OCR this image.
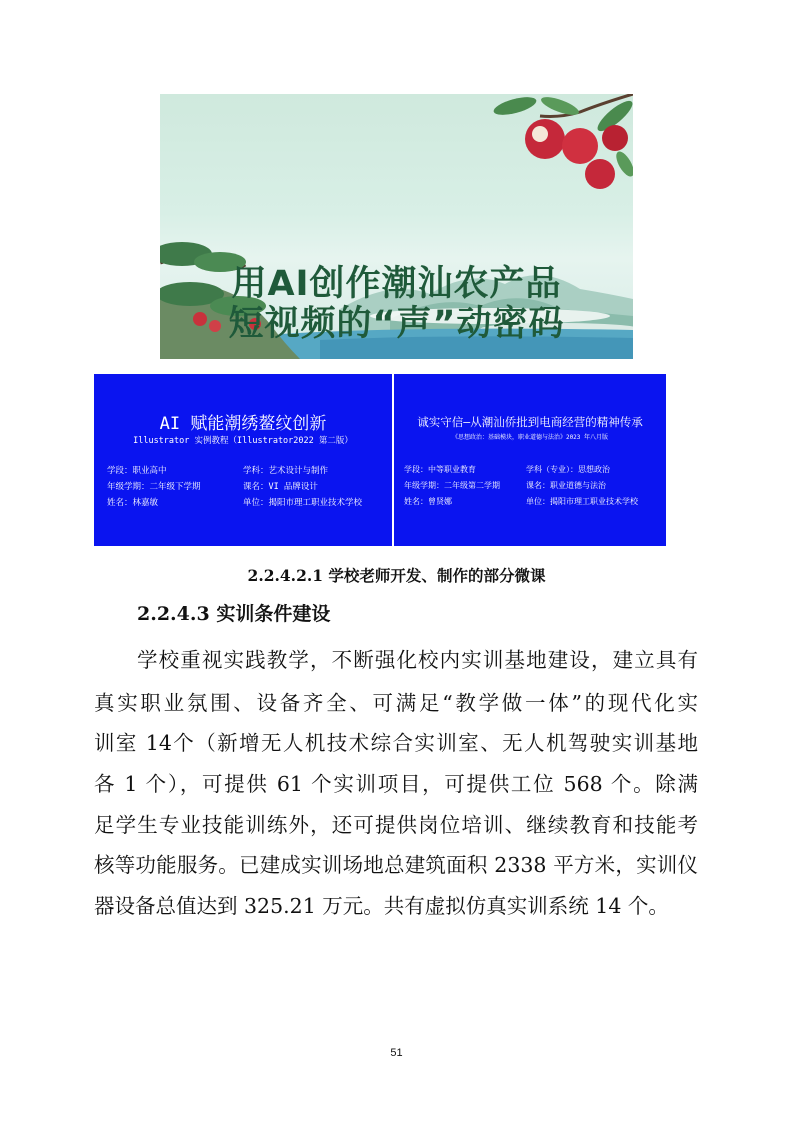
用AI创作潮汕农产品
短视频的“声”动密码
AI 赋能潮绣鳌纹创新
Illustrator 实例教程（Illustrator2022 第二版）
学段：职业高中	学科：艺术设计与制作
年级学期：二年级下学期	课名：VI 品牌设计
姓名：林嘉敏	单位：揭阳市理工职业技术学校
诚实守信—从潮汕侨批到电商经营的精神传承
《思想政治：基础模块，职业道德与法治》2023 年八月版
学段：中等职业教育	学科（专业）：思想政治
年级学期：二年级第二学期	课名：职业道德与法治
姓名：曾贤娜	单位：揭阳市理工职业技术学校
2.2.4.2.1 学校老师开发、制作的部分微课
2.2.4.3 实训条件建设
学校重视实践教学，不断强化校内实训基地建设，建立具有
真实职业氛围、设备齐全、可满足“教学做一体”的现代化实
训室 14个（新增无人机技术综合实训室、无人机驾驶实训基地
各 1 个），可提供 61 个实训项目，可提供工位 568 个。除满
足学生专业技能训练外，还可提供岗位培训、继续教育和技能考
核等功能服务。已建成实训场地总建筑面积 2338 平方米，实训仪
器设备总值达到 325.21 万元。共有虚拟仿真实训系统 14 个。
51
